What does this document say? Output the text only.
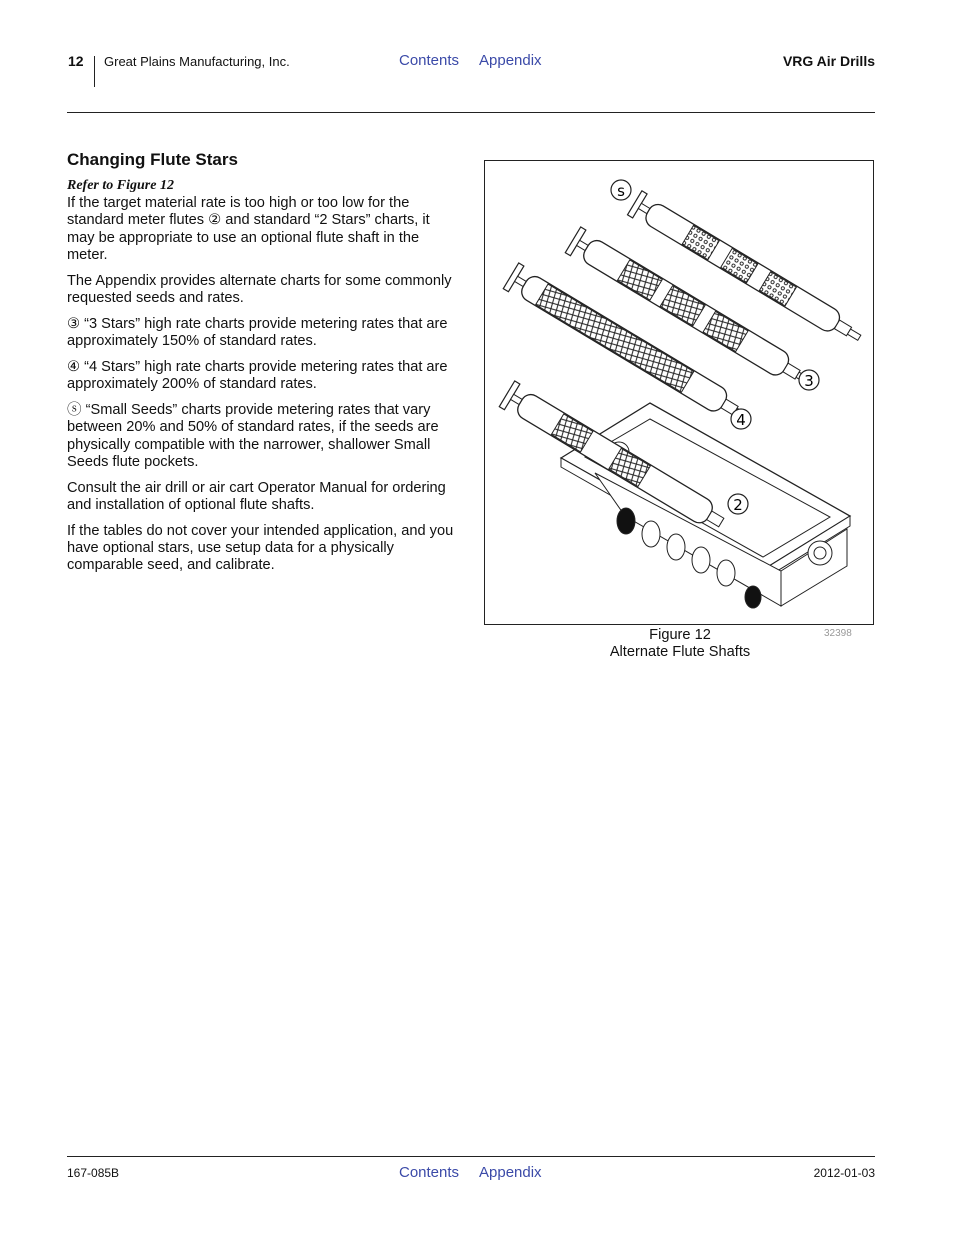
12 Great Plains Manufacturing, Inc.	Contents Appendix	VRG Air Drills
Changing Flute Stars
Refer to Figure 12

If the target material rate is too high or too low for the standard meter flutes ② and standard “2 Stars” charts, it may be appropriate to use an optional flute shaft in the meter.

The Appendix provides alternate charts for some commonly requested seeds and rates.

③ “3 Stars” high rate charts provide metering rates that are approximately 150% of standard rates.

④ “4 Stars” high rate charts provide metering rates that are approximately 200% of standard rates.

ⓢ “Small Seeds” charts provide metering rates that vary between 20% and 50% of standard rates, if the seeds are physically compatible with the narrower, shallower Small Seeds flute pockets.

Consult the air drill or air cart Operator Manual for ordering and installation of optional flute shafts.

If the tables do not cover your intended application, and you have optional stars, use setup data for a physically comparable seed, and calibrate.

s
3
4
2
Figure 12
Alternate Flute Shafts
32398
167-085B	Contents Appendix	2012-01-03
